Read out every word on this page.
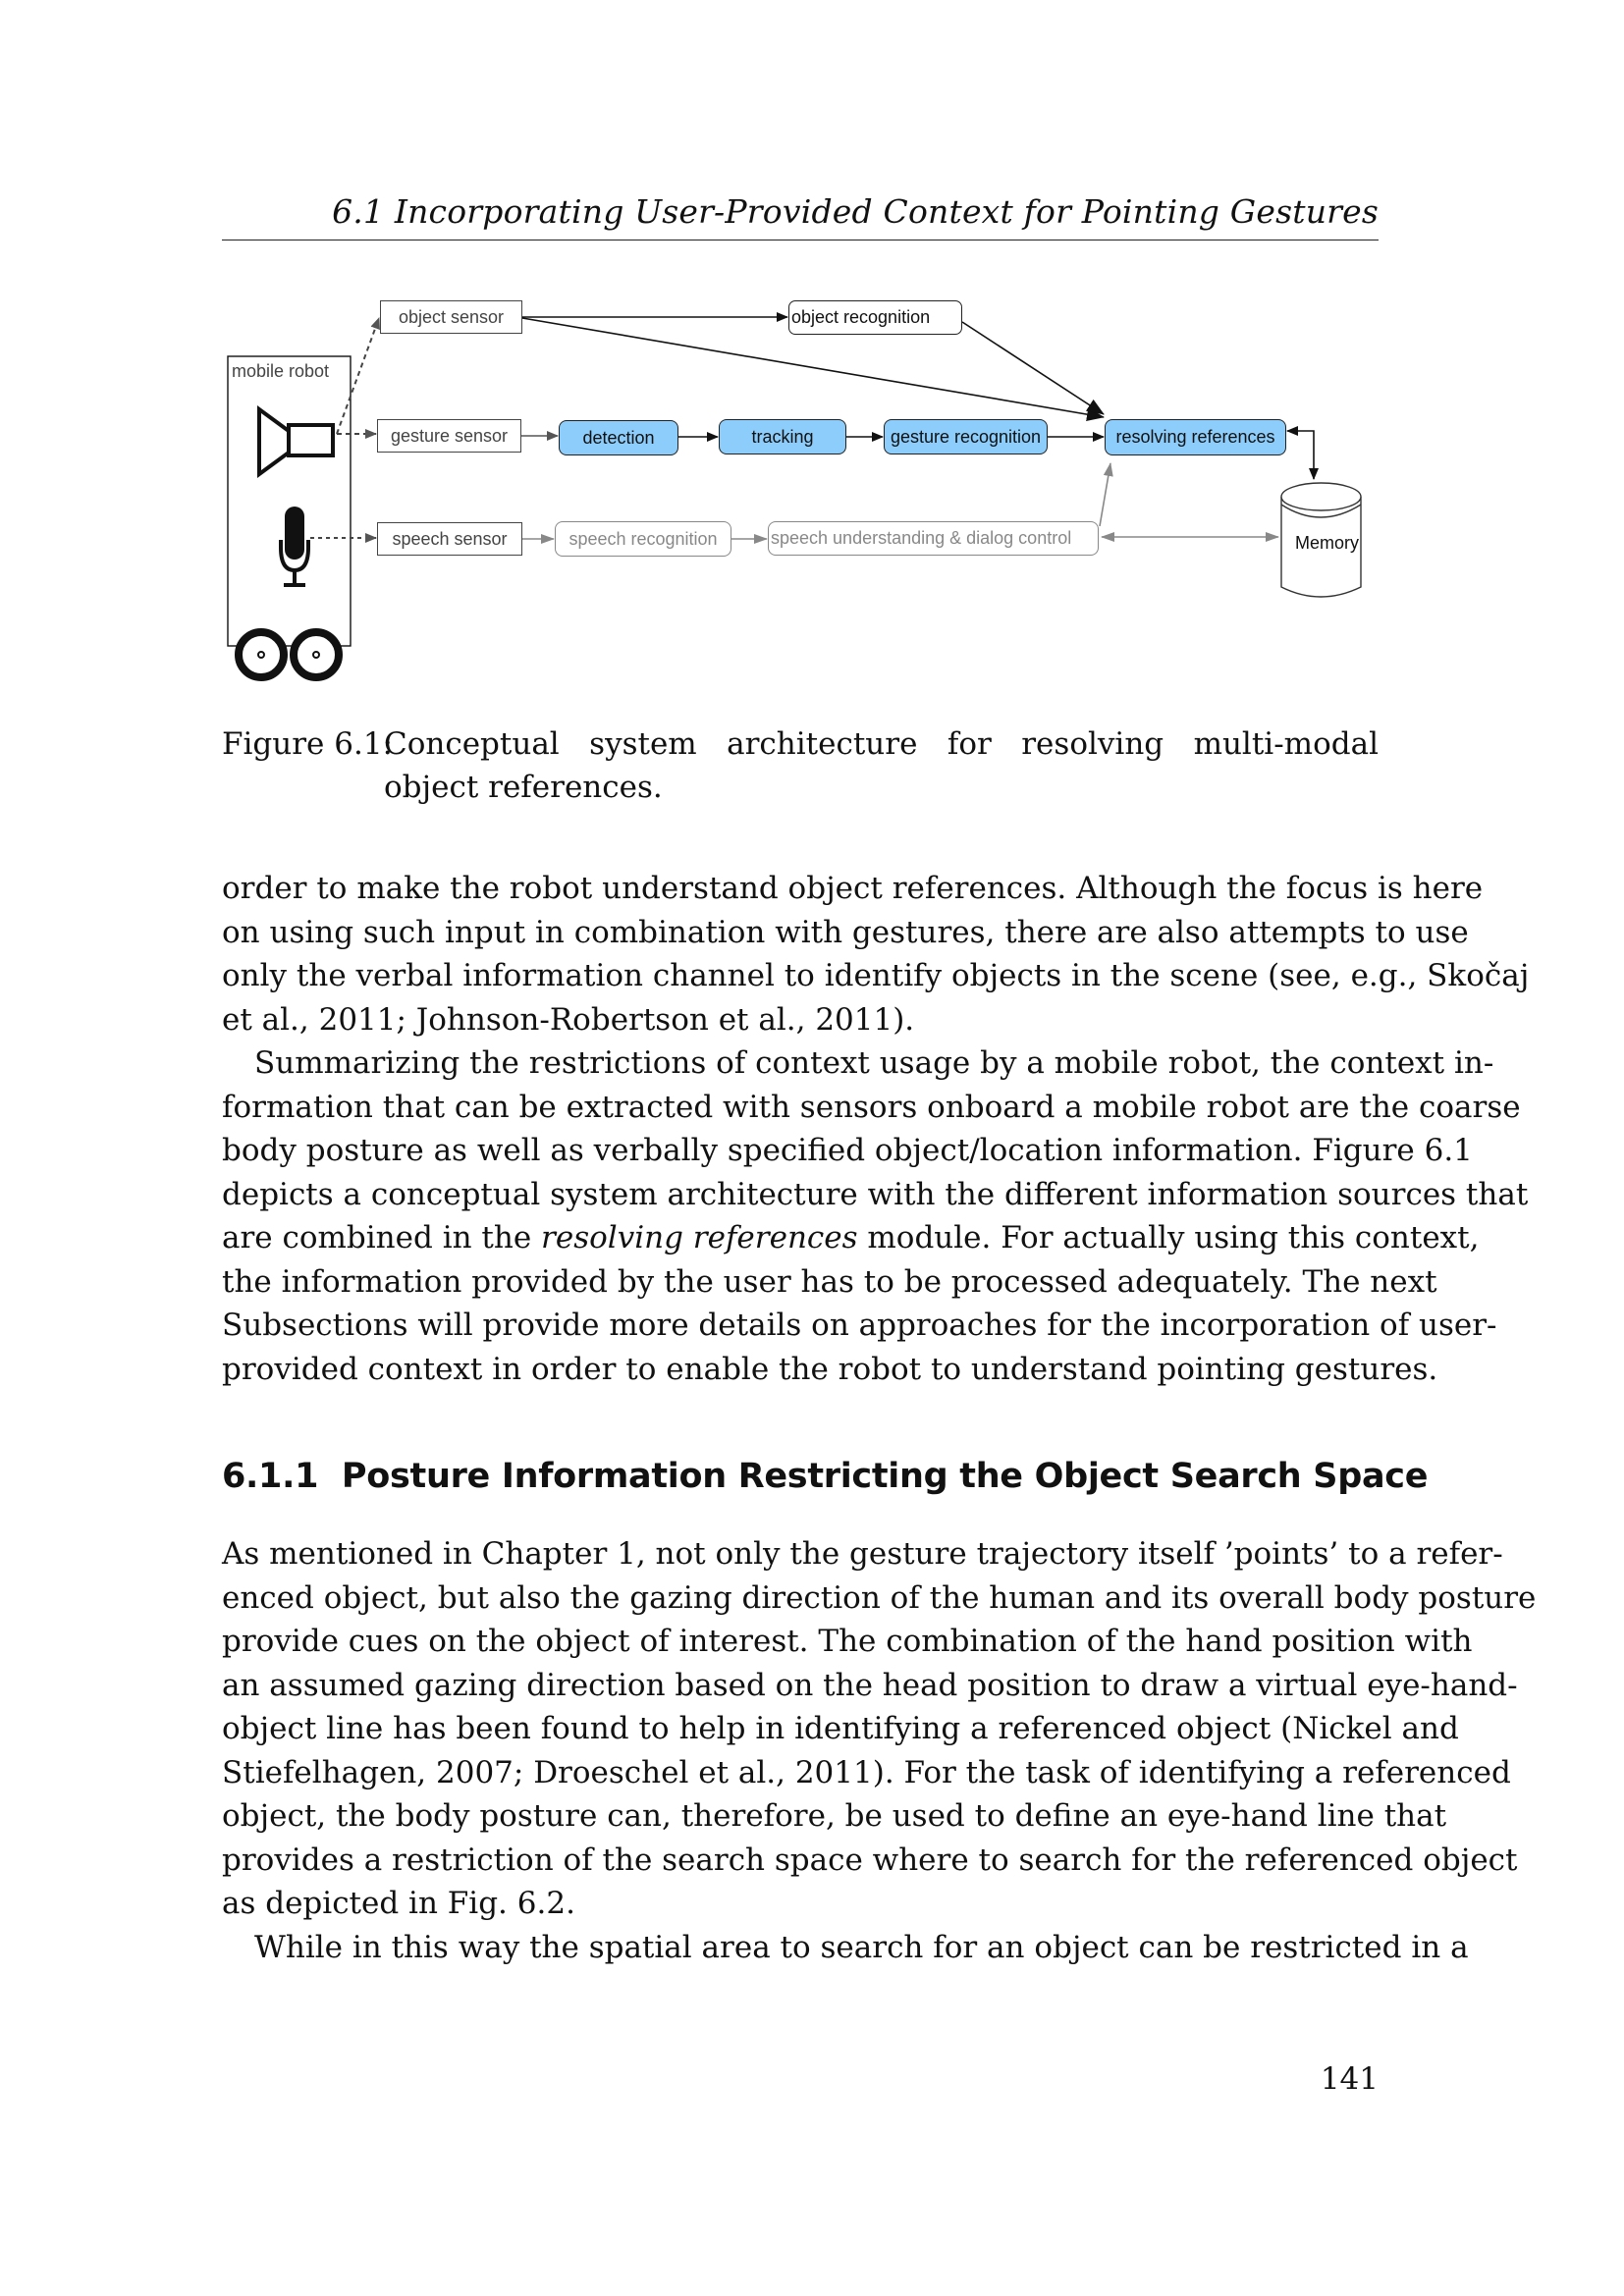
6.1 Incorporating User-Provided Context for Pointing Gestures
mobile robot
object sensor
gesture sensor
speech sensor
object recognition
detection	tracking	gesture recognition	resolving references
speech recognition	speech understanding & dialog control	Memory
Figure 6.1:
Conceptual system architecture for resolving multi-modal object references.
order to make the robot understand object references. Although the focus is here
on using such input in combination with gestures, there are also attempts to use
only the verbal information channel to identify objects in the scene (see, e.g., Skočaj
et al., 2011; Johnson-Robertson et al., 2011).
Summarizing the restrictions of context usage by a mobile robot, the context in-
formation that can be extracted with sensors onboard a mobile robot are the coarse
body posture as well as verbally specified object/location information. Figure 6.1
depicts a conceptual system architecture with the different information sources that
are combined in the resolving references module. For actually using this context,
the information provided by the user has to be processed adequately. The next
Subsections will provide more details on approaches for the incorporation of user-
provided context in order to enable the robot to understand pointing gestures.
6.1.1  Posture Information Restricting the Object Search Space
As mentioned in Chapter 1, not only the gesture trajectory itself ’points’ to a refer-
enced object, but also the gazing direction of the human and its overall body posture
provide cues on the object of interest. The combination of the hand position with
an assumed gazing direction based on the head position to draw a virtual eye-hand-
object line has been found to help in identifying a referenced object (Nickel and
Stiefelhagen, 2007; Droeschel et al., 2011). For the task of identifying a referenced
object, the body posture can, therefore, be used to define an eye-hand line that
provides a restriction of the search space where to search for the referenced object
as depicted in Fig. 6.2.
While in this way the spatial area to search for an object can be restricted in a
141
